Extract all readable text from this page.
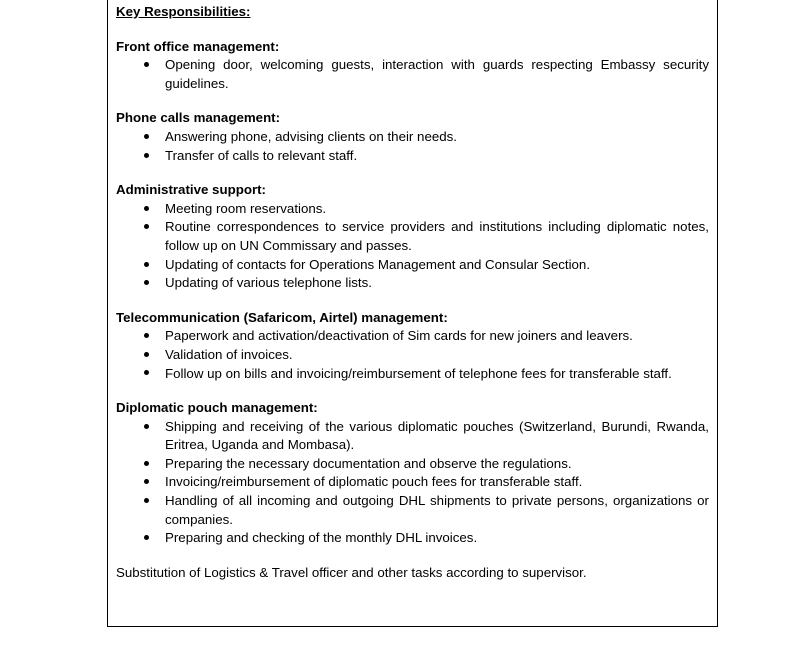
Key Responsibilities:

Front office management:

Opening door, welcoming guests, interaction with guards respecting Embassy security guidelines.

Phone calls management:

Answering phone, advising clients on their needs.
Transfer of calls to relevant staff.

Administrative support:

Meeting room reservations.
Routine correspondences to service providers and institutions including diplomatic notes, follow up on UN Commissary and passes.
Updating of contacts for Operations Management and Consular Section.
Updating of various telephone lists.

Telecommunication (Safaricom, Airtel) management:

Paperwork and activation/deactivation of Sim cards for new joiners and leavers.
Validation of invoices.
Follow up on bills and invoicing/reimbursement of telephone fees for transferable staff.

Diplomatic pouch management:

Shipping and receiving of the various diplomatic pouches (Switzerland, Burundi, Rwanda, Eritrea, Uganda and Mombasa).
Preparing the necessary documentation and observe the regulations.
Invoicing/reimbursement of diplomatic pouch fees for transferable staff.
Handling of all incoming and outgoing DHL shipments to private persons, organizations or companies.
Preparing and checking of the monthly DHL invoices.

Substitution of Logistics & Travel officer and other tasks according to supervisor.
